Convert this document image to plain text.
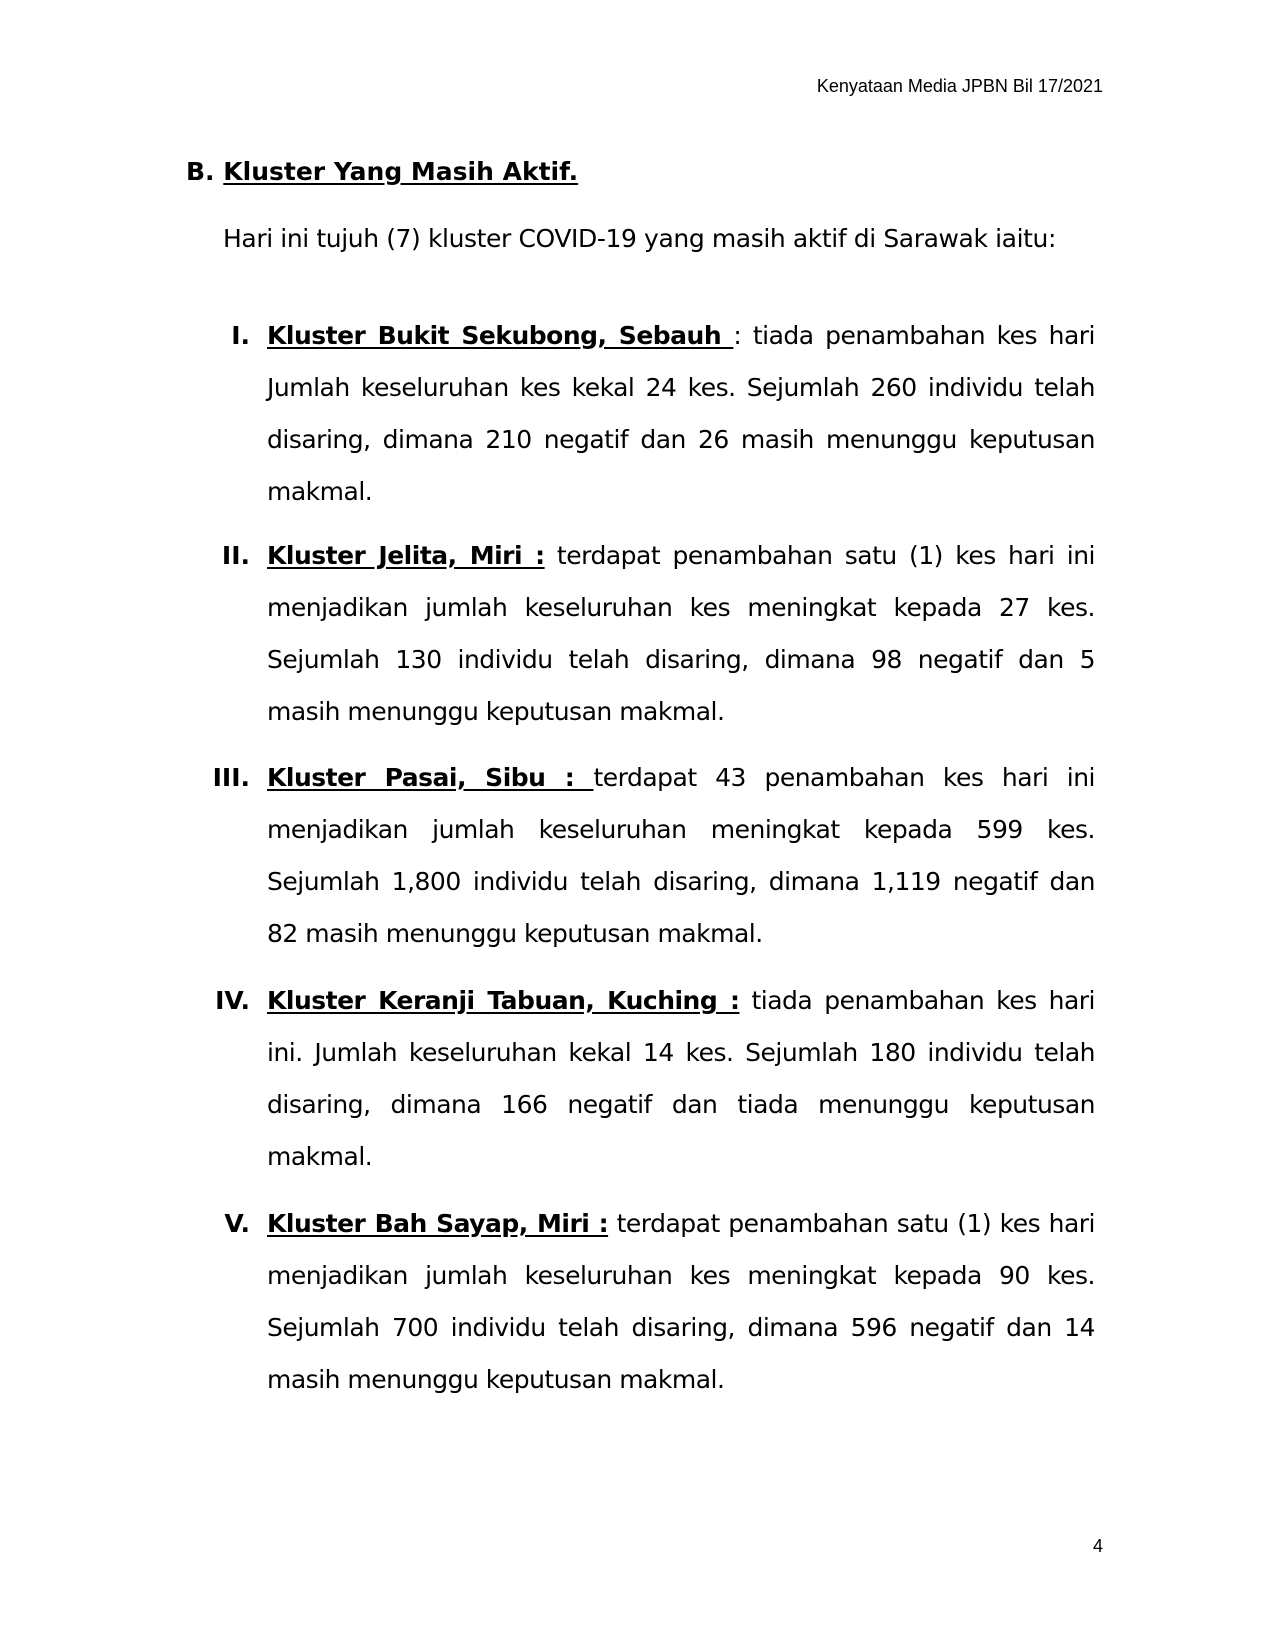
Kenyataan Media JPBN Bil 17/2021
B. Kluster Yang Masih Aktif.
Hari ini tujuh (7) kluster COVID-19 yang masih aktif di Sarawak iaitu:
I. Kluster Bukit Sekubong, Sebauh : tiada penambahan kes hari Jumlah keseluruhan kes kekal 24 kes. Sejumlah 260 individu telah disaring, dimana 210 negatif dan 26 masih menunggu keputusan makmal.
II. Kluster Jelita, Miri : terdapat penambahan satu (1) kes hari ini menjadikan jumlah keseluruhan kes meningkat kepada 27 kes. Sejumlah 130 individu telah disaring, dimana 98 negatif dan 5 masih menunggu keputusan makmal.
III. Kluster Pasai, Sibu : terdapat 43 penambahan kes hari ini menjadikan jumlah keseluruhan meningkat kepada 599 kes. Sejumlah 1,800 individu telah disaring, dimana 1,119 negatif dan 82 masih menunggu keputusan makmal.
IV. Kluster Keranji Tabuan, Kuching : tiada penambahan kes hari ini. Jumlah keseluruhan kekal 14 kes. Sejumlah 180 individu telah disaring, dimana 166 negatif dan tiada menunggu keputusan makmal.
V. Kluster Bah Sayap, Miri : terdapat penambahan satu (1) kes hari menjadikan jumlah keseluruhan kes meningkat kepada 90 kes. Sejumlah 700 individu telah disaring, dimana 596 negatif dan 14 masih menunggu keputusan makmal.
4
